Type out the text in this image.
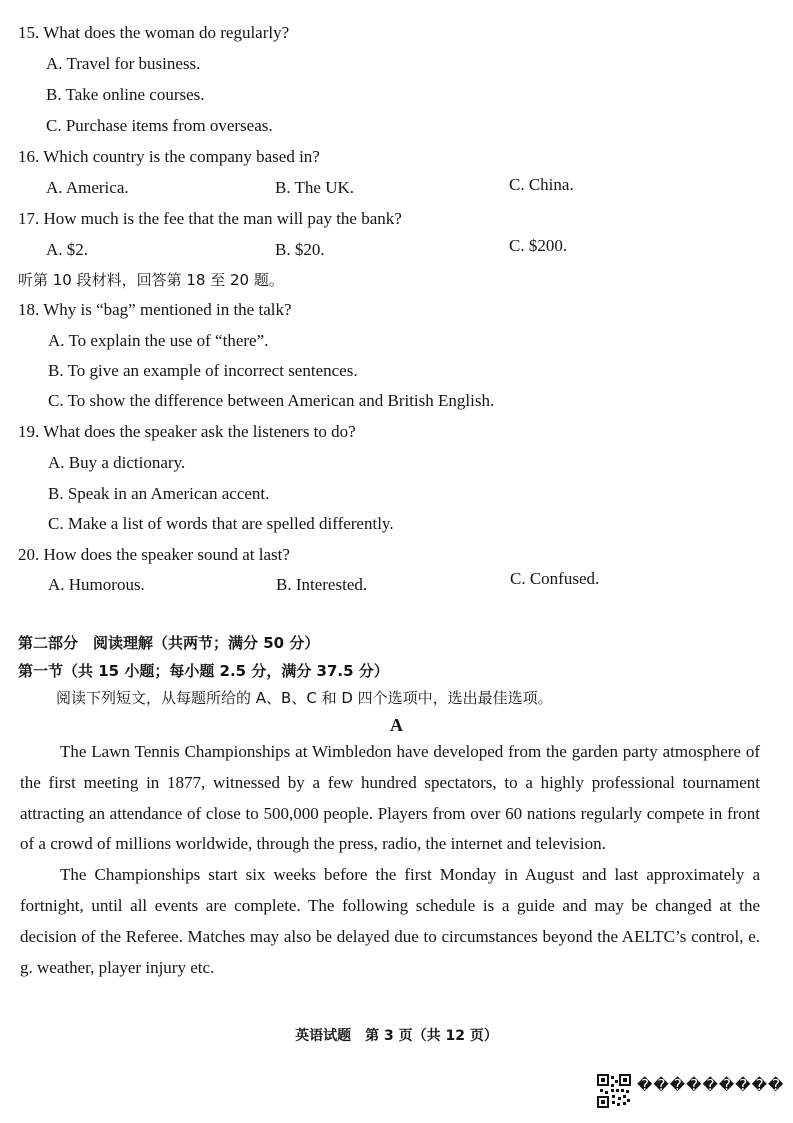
15. What does the woman do regularly?
A. Travel for business.
B. Take online courses.
C. Purchase items from overseas.
16. Which country is the company based in?
A. America.	B. The UK.	C. China.
17. How much is the fee that the man will pay the bank?
A. $2.	B. $20.	C. $200.
听第 10 段材料，回答第 18 至 20 题。
18. Why is “bag” mentioned in the talk?
A. To explain the use of “there”.
B. To give an example of incorrect sentences.
C. To show the difference between American and British English.
19. What does the speaker ask the listeners to do?
A. Buy a dictionary.
B. Speak in an American accent.
C. Make a list of words that are spelled differently.
20. How does the speaker sound at last?
A. Humorous.	B. Interested.	C. Confused.
第二部分　阅读理解（共两节；满分 50 分）
第一节（共 15 小题；每小题 2.5 分，满分 37.5 分）
阅读下列短文，从每题所给的 A、B、C 和 D 四个选项中，选出最佳选项。
A

The Lawn Tennis Championships at Wimbledon have developed from the garden party atmosphere of the first meeting in 1877, witnessed by a few hundred spectators, to a highly professional tournament attracting an attendance of close to 500,000 people. Players from over 60 nations regularly compete in front of a crowd of millions worldwide, through the press, radio, the internet and television.

The Championships start six weeks before the first Monday in August and last approximately a fortnight, until all events are complete. The following schedule is a guide and may be changed at the decision of the Referee. Matches may also be delayed due to circumstances beyond the AELTC’s control, e. g. weather, player injury etc.

英语试题　第 3 页（共 12 页）
���������
